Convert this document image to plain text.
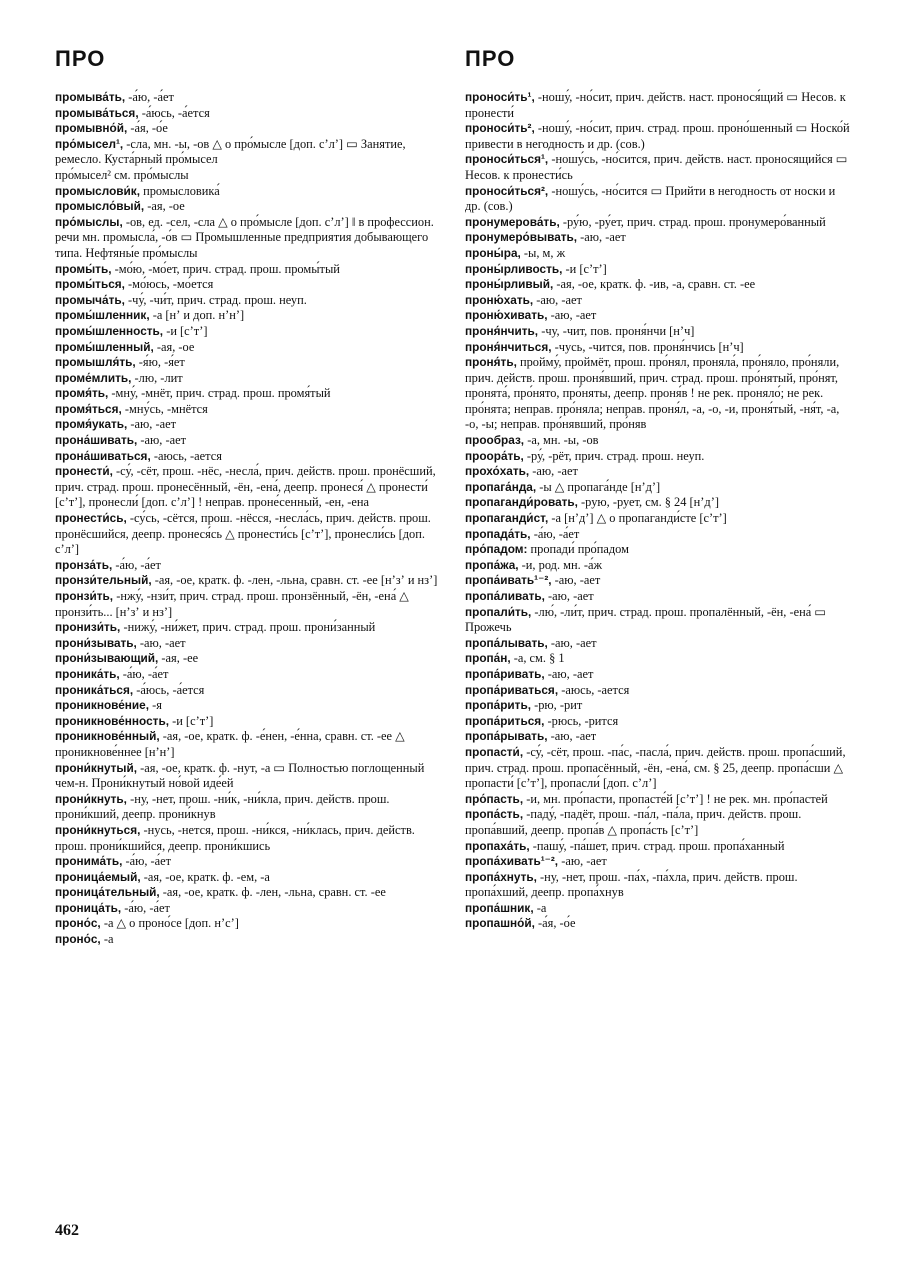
ПРО	ПРО

промыва́ть, -а́ю, -а́ет

промыва́ться, -а́юсь, -а́ется

промывно́й, -а́я, -о́е

про́мысел¹, -сла, мн. -ы, -ов △ о про́мысле [доп. сʼлʼ] ▭ Занятие, ремесло. Куста́рный про́мысел

про́мысел² см. про́мыслы

промыслови́к, промысловика́

промысло́вый, -ая, -ое

про́мыслы, -ов, ед. -сел, -сла △ о про́мысле [доп. сʼлʼ] ‖ в профессион. речи мн. промысла́, -о́в ▭ Промышленные предприятия добывающего типа. Нефтяны́е про́мыслы

промы́ть, -мо́ю, -мо́ет, прич. страд. прош. промы́тый

промы́ться, -мо́юсь, -мо́ется

промыча́ть, -чу́, -чи́т, прич. страд. прош. неуп.

промы́шленник, -а [нʼ и доп. нʼнʼ]

промы́шленность, -и [сʼтʼ]

промы́шленный, -ая, -ое

промышля́ть, -я́ю, -я́ет

проме́млить, -лю, -лит

промя́ть, -мну́, -мнёт, прич. страд. прош. промя́тый

промя́ться, -мну́сь, -мнётся

промя́укать, -аю, -ает

прона́шивать, -аю, -ает

прона́шиваться, -аюсь, -ается

пронести́, -су́, -сёт, прош. -нёс, -несла́, прич. действ. прош. пронёсший, прич. страд. прош. пронесённый, -ён, -ена́, деепр. пронеся́ △ пронести́ [сʼтʼ], пронесли́ [доп. сʼлʼ] ! неправ. проне́сенный, -ен, -ена

пронести́сь, -су́сь, -сётся, прош. -нёсся, -несла́сь, прич. действ. прош. пронёсшийся, деепр. пронеся́сь △ пронести́сь [сʼтʼ], пронесли́сь [доп. сʼлʼ]

пронза́ть, -а́ю, -а́ет

пронзи́тельный, -ая, -ое, кратк. ф. -лен, -льна, сравн. ст. -ее [нʼзʼ и нзʼ]

пронзи́ть, -нжу́, -нзи́т, прич. страд. прош. пронзённый, -ён, -ена́ △ пронзи́ть... [нʼзʼ и нзʼ]

пронизи́ть, -нижу́, -ни́жет, прич. страд. прош. прони́занный

прони́зывать, -аю, -ает

прони́зывающий, -ая, -ее

проника́ть, -а́ю, -а́ет

проника́ться, -а́юсь, -а́ется

проникнове́ние, -я

проникнове́нность, -и [сʼтʼ]

проникнове́нный, -ая, -ое, кратк. ф. -е́нен, -е́нна, сравн. ст. -ее △ проникнове́ннее [нʼнʼ]

прони́кнутый, -ая, -ое, кратк. ф. -нут, -а ▭ Полностью поглощенный чем-н. Прони́кнутый но́вой иде́ей

прони́кнуть, -ну, -нет, прош. -ни́к, -ни́кла, прич. действ. прош. прони́кший, деепр. прони́кнув

прони́кнуться, -нусь, -нется, прош. -ни́кся, -ни́клась, прич. действ. прош. прони́кшийся, деепр. прони́кшись

пронима́ть, -а́ю, -а́ет

проница́емый, -ая, -ое, кратк. ф. -ем, -а

проница́тельный, -ая, -ое, кратк. ф. -лен, -льна, сравн. ст. -ее

проница́ть, -а́ю, -а́ет

проно́с, -а △ о проно́се [доп. нʼсʼ]

проно́с, -а

проноси́ть¹, -ношу́, -но́сит, прич. действ. наст. пронося́щий ▭ Несов. к пронести́

проноси́ть², -ношу́, -но́сит, прич. страд. прош. проно́шенный ▭ Носко́й привести в негодность и др. (сов.)

проноси́ться¹, -ношу́сь, -но́сится, прич. действ. наст. проносящийся ▭ Несов. к пронести́сь

проноси́ться², -ношу́сь, -но́сится ▭ Прийти в негодность от носки и др. (сов.)

пронумерова́ть, -ру́ю, -ру́ет, прич. страд. прош. пронумеро́ванный

пронумеро́вывать, -аю, -ает

проны́ра, -ы, м, ж

проны́рливость, -и [сʼтʼ]

проны́рливый, -ая, -ое, кратк. ф. -ив, -а, сравн. ст. -ее

проню́хать, -аю, -ает

проню́хивать, -аю, -ает

проня́нчить, -чу, -чит, пов. проня́нчи [нʼч]

проня́нчиться, -чусь, -чится, пов. проня́нчись [нʼч]

проня́ть, пройму́, проймёт, прош. про́нял, проняла́, про́няло, про́няли, прич. действ. прош. проня́вший, прич. страд. прош. про́нятый, про́нят, пронята́, про́нято, про́няты, деепр. проня́в ! не рек. проняло́; не рек. про́нята; неправ. про́няла; неправ. проня́л, -а, -о, -и, проня́тый, -ня́т, -а, -о, -ы; неправ. про́нявший, про́няв

прообраз, -а, мн. -ы, -ов

проора́ть, -ру́, -рёт, прич. страд. прош. неуп.

прохо́хать, -аю, -ает

пропага́нда, -ы △ пропага́нде [нʼдʼ]

пропаганди́ровать, -рую, -рует, см. § 24 [нʼдʼ]

пропаганди́ст, -а [нʼдʼ] △ о пропаганди́сте [сʼтʼ]

пропада́ть, -а́ю, -а́ет

про́падом: пропади́ про́падом

пропа́жа, -и, род. мн. -а́ж

пропа́ивать¹⁻², -аю, -ает

пропа́ливать, -аю, -ает

пропали́ть, -лю́, -ли́т, прич. страд. прош. пропалённый, -ён, -ена́ ▭ Прожечь

пропа́лывать, -аю, -ает

пропа́н, -а, см. § 1

пропа́ривать, -аю, -ает

пропа́риваться, -аюсь, -ается

пропа́рить, -рю, -рит

пропа́риться, -рюсь, -рится

пропа́рывать, -аю, -ает

пропасти́, -су́, -сёт, прош. -па́с, -пасла́, прич. действ. прош. пропа́сший, прич. страд. прош. пропасённый, -ён, -ена́, см. § 25, деепр. пропа́сши △ пропасти́ [сʼтʼ], пропасли́ [доп. сʼлʼ]

про́пасть, -и, мн. про́пасти, пропасте́й [сʼтʼ] ! не рек. мн. про́пастей

пропа́сть, -паду́, -падёт, прош. -па́л, -па́ла, прич. действ. прош. пропа́вший, деепр. пропа́в △ пропа́сть [сʼтʼ]

пропаха́ть, -пашу́, -па́шет, прич. страд. прош. пропа́ханный

пропа́хивать¹⁻², -аю, -ает

пропа́хнуть, -ну, -нет, прош. -па́х, -па́хла, прич. действ. прош. пропа́хший, деепр. пропа́хнув

пропа́шник, -а

пропашно́й, -а́я, -о́е

462
